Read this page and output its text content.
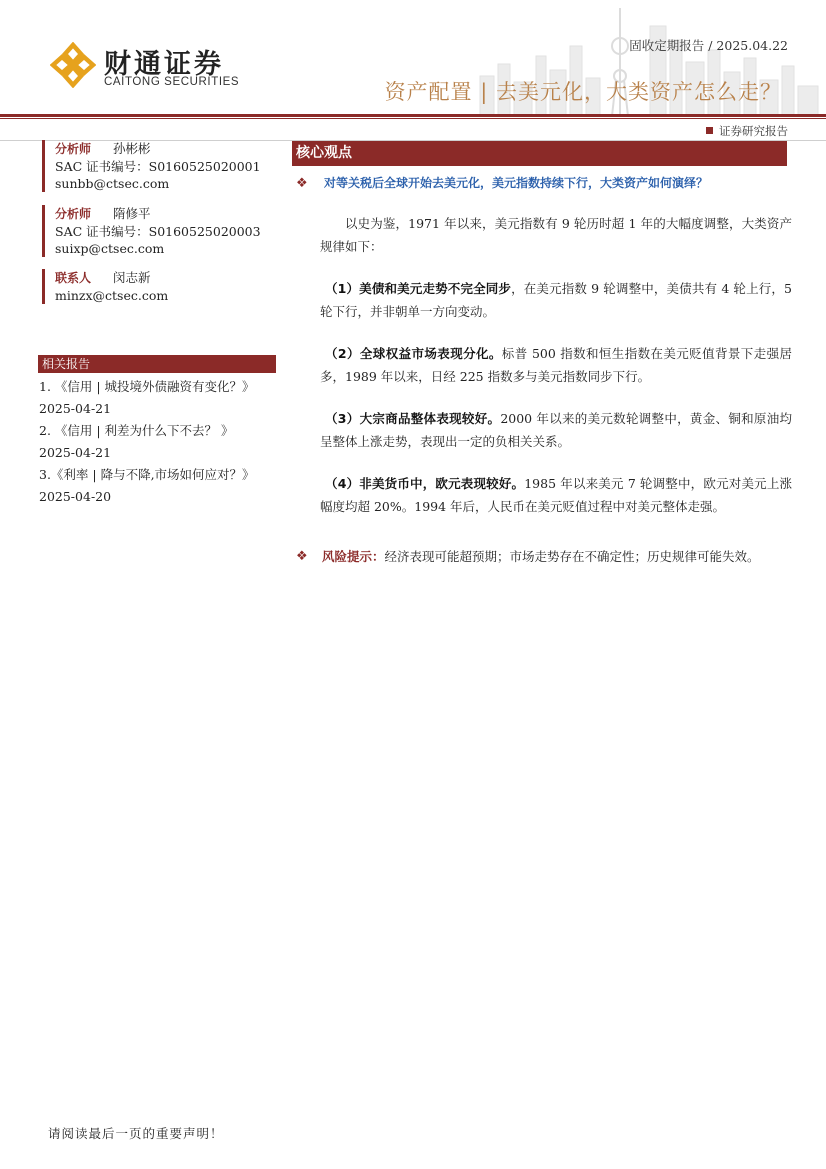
财通证券
CAITONG SECURITIES
固收定期报告 / 2025.04.22
资产配置 | 去美元化，大类资产怎么走？
证券研究报告
分析师 孙彬彬
SAC 证书编号：S0160525020001
sunbb@ctsec.com
分析师 隋修平
SAC 证书编号：S0160525020003
suixp@ctsec.com
联系人 闵志新
minzx@ctsec.com
相关报告
1. 《信用 | 城投境外债融资有变化？》
2025-04-21
2. 《信用 | 利差为什么下不去？ 》
2025-04-21
3.《利率 | 降与不降,市场如何应对？》
2025-04-20
核心观点
❖ 对等关税后全球开始去美元化，美元指数持续下行，大类资产如何演绎？

以史为鉴，1971 年以来，美元指数有 9 轮历时超 1 年的大幅度调整，大类资产规律如下：

（1）美债和美元走势不完全同步，在美元指数 9 轮调整中，美债共有 4 轮上行，5 轮下行，并非朝单一方向变动。

（2）全球权益市场表现分化。标普 500 指数和恒生指数在美元贬值背景下走强居多，1989 年以来，日经 225 指数多与美元指数同步下行。

（3）大宗商品整体表现较好。2000 年以来的美元数轮调整中，黄金、铜和原油均呈整体上涨走势，表现出一定的负相关关系。

（4）非美货币中，欧元表现较好。1985 年以来美元 7 轮调整中，欧元对美元上涨幅度均超 20%。1994 年后，人民币在美元贬值过程中对美元整体走强。

❖ 风险提示：经济表现可能超预期；市场走势存在不确定性；历史规律可能失效。
请阅读最后一页的重要声明！
